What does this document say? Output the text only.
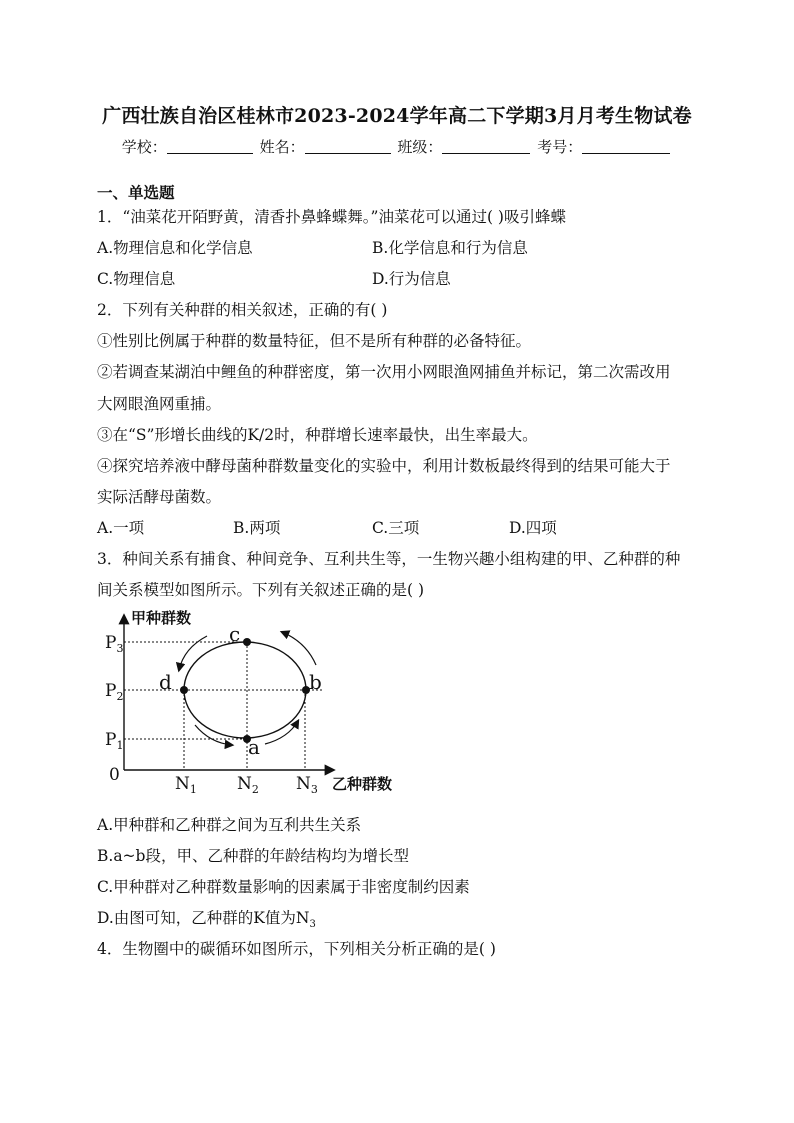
广西壮族自治区桂林市2023-2024学年高二下学期3月月考生物试卷
学校：	姓名：	班级：	考号：
一、单选题
1．“油菜花开陌野黄，清香扑鼻蜂蝶舞。”油菜花可以通过( )吸引蜂蝶
A.物理信息和化学信息	B.化学信息和行为信息
C.物理信息	D.行为信息
2．下列有关种群的相关叙述，正确的有( )
①性别比例属于种群的数量特征，但不是所有种群的必备特征。
②若调查某湖泊中鲤鱼的种群密度，第一次用小网眼渔网捕鱼并标记，第二次需改用
大网眼渔网重捕。
③在“S”形增长曲线的K/2时，种群增长速率最快，出生率最大。
④探究培养液中酵母菌种群数量变化的实验中，利用计数板最终得到的结果可能大于
实际活酵母菌数。
A.一项	B.两项	C.三项	D.四项
3．种间关系有捕食、种间竞争、互利共生等，一生物兴趣小组构建的甲、乙种群的种
间关系模型如图所示。下列有关叙述正确的是( )
c
d	b
a
甲种群数
乙种群数
0
$P_3$
$P_2$
$P_1$
$N_1$ $N_2$ $N_3$
A.甲种群和乙种群之间为互利共生关系
B.a~b段，甲、乙种群的年龄结构均为增长型
C.甲种群对乙种群数量影响的因素属于非密度制约因素
D.由图可知，乙种群的K值为$N_3$
4．生物圈中的碳循环如图所示，下列相关分析正确的是( )
